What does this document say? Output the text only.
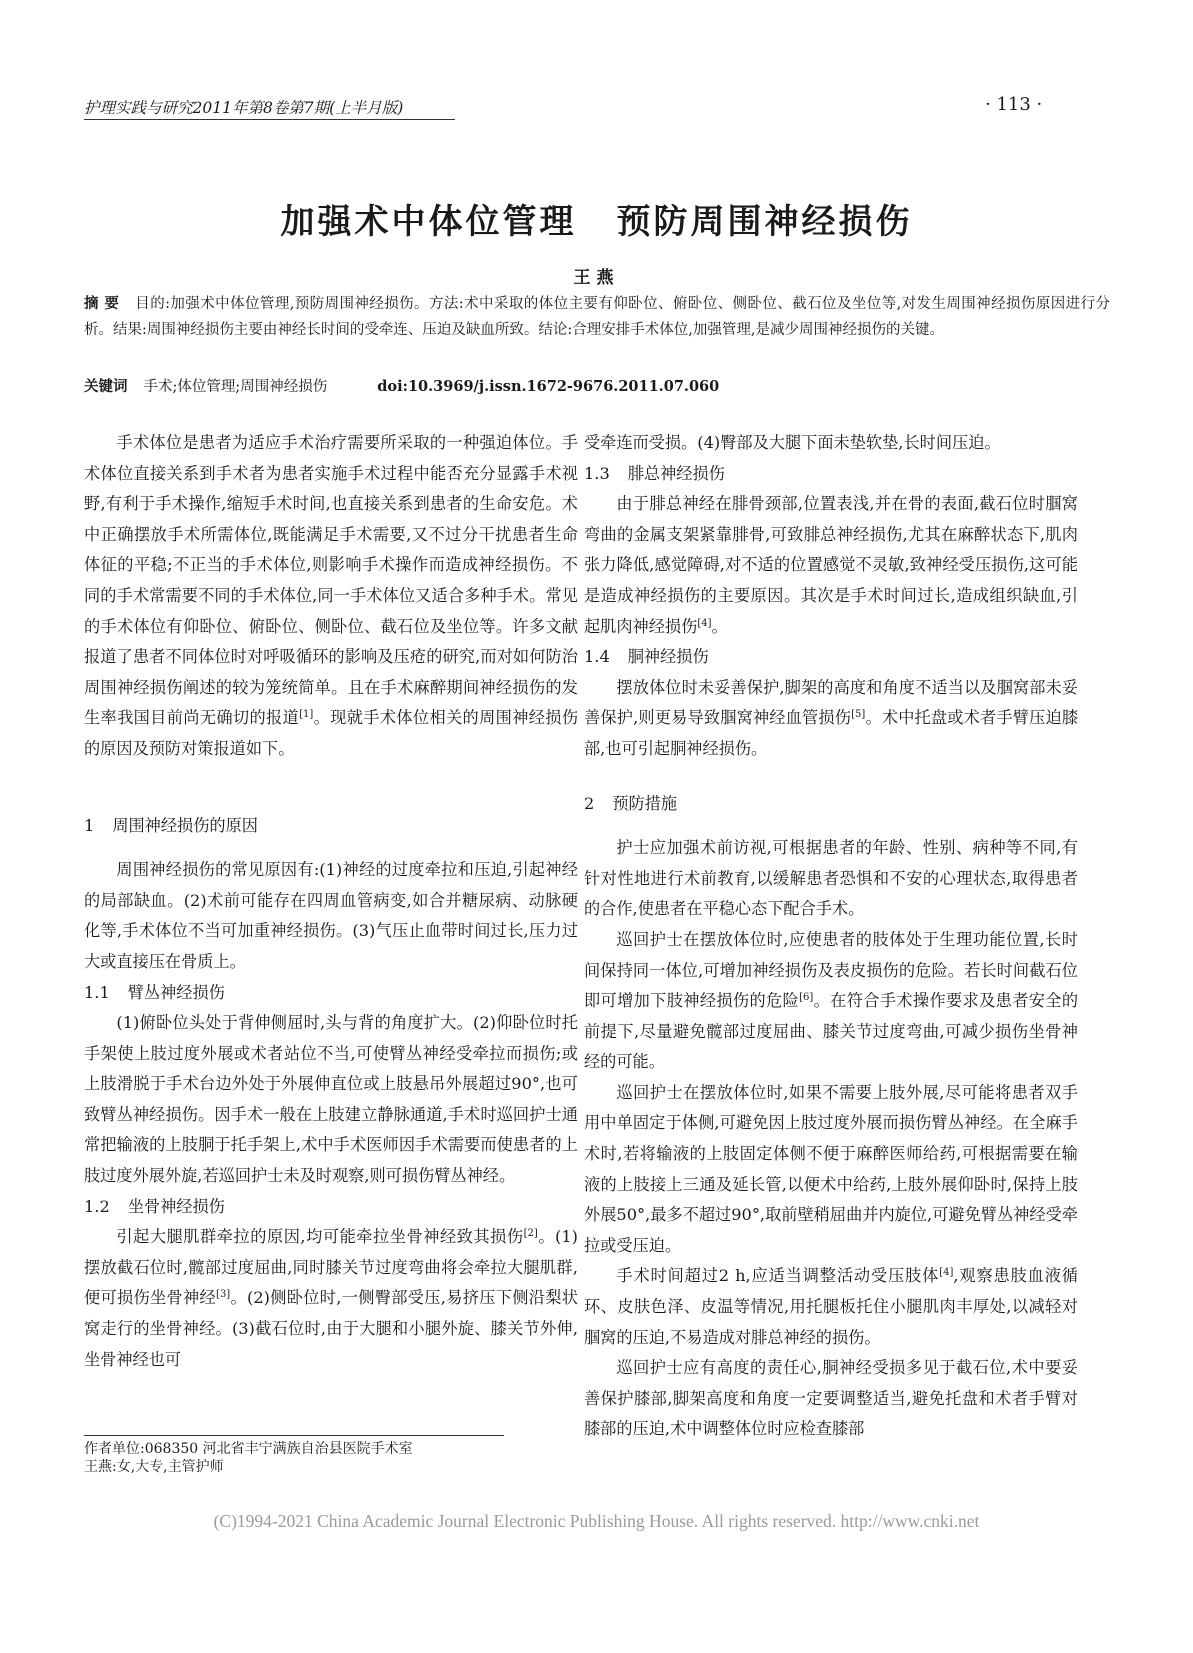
护理实践与研究2011年第8卷第7期(上半月版)	· 113 ·
加强术中体位管理 预防周围神经损伤
王燕
摘 要 目的:加强术中体位管理,预防周围神经损伤。方法:术中采取的体位主要有仰卧位、俯卧位、侧卧位、截石位及坐位等,对发生周围神经损伤原因进行分析。结果:周围神经损伤主要由神经长时间的受牵连、压迫及缺血所致。结论:合理安排手术体位,加强管理,是减少周围神经损伤的关键。
关键词 手术;体位管理;周围神经损伤	doi:10.3969/j.issn.1672-9676.2011.07.060

手术体位是患者为适应手术治疗需要所采取的一种强迫体位。手术体位直接关系到手术者为患者实施手术过程中能否充分显露手术视野,有利于手术操作,缩短手术时间,也直接关系到患者的生命安危。术中正确摆放手术所需体位,既能满足手术需要,又不过分干扰患者生命体征的平稳;不正当的手术体位,则影响手术操作而造成神经损伤。不同的手术常需要不同的手术体位,同一手术体位又适合多种手术。常见的手术体位有仰卧位、俯卧位、侧卧位、截石位及坐位等。许多文献报道了患者不同体位时对呼吸循环的影响及压疮的研究,而对如何防治周围神经损伤阐述的较为笼统简单。且在手术麻醉期间神经损伤的发生率我国目前尚无确切的报道[1]。现就手术体位相关的周围神经损伤的原因及预防对策报道如下。

1 周围神经损伤的原因

周围神经损伤的常见原因有:(1)神经的过度牵拉和压迫,引起神经的局部缺血。(2)术前可能存在四周血管病变,如合并糖尿病、动脉硬化等,手术体位不当可加重神经损伤。(3)气压止血带时间过长,压力过大或直接压在骨质上。

1.1 臂丛神经损伤

(1)俯卧位头处于背伸侧屈时,头与背的角度扩大。(2)仰卧位时托手架使上肢过度外展或术者站位不当,可使臂丛神经受牵拉而损伤;或上肢滑脱于手术台边外处于外展伸直位或上肢悬吊外展超过90°,也可致臂丛神经损伤。因手术一般在上肢建立静脉通道,手术时巡回护士通常把输液的上肢胴于托手架上,术中手术医师因手术需要而使患者的上肢过度外展外旋,若巡回护士未及时观察,则可损伤臂丛神经。

1.2 坐骨神经损伤

引起大腿肌群牵拉的原因,均可能牵拉坐骨神经致其损伤[2]。(1)摆放截石位时,髋部过度屈曲,同时膝关节过度弯曲将会牵拉大腿肌群,便可损伤坐骨神经[3]。(2)侧卧位时,一侧臀部受压,易挤压下侧沿梨状窝走行的坐骨神经。(3)截石位时,由于大腿和小腿外旋、膝关节外伸,坐骨神经也可

受牵连而受损。(4)臀部及大腿下面未垫软垫,长时间压迫。

1.3 腓总神经损伤

由于腓总神经在腓骨颈部,位置表浅,并在骨的表面,截石位时腘窝弯曲的金属支架紧靠腓骨,可致腓总神经损伤,尤其在麻醉状态下,肌肉张力降低,感觉障碍,对不适的位置感觉不灵敏,致神经受压损伤,这可能是造成神经损伤的主要原因。其次是手术时间过长,造成组织缺血,引起肌肉神经损伤[4]。

1.4 胴神经损伤

摆放体位时未妥善保护,脚架的高度和角度不适当以及腘窝部未妥善保护,则更易导致腘窝神经血管损伤[5]。术中托盘或术者手臂压迫膝部,也可引起胴神经损伤。

2 预防措施

护士应加强术前访视,可根据患者的年龄、性别、病种等不同,有针对性地进行术前教育,以缓解患者恐惧和不安的心理状态,取得患者的合作,使患者在平稳心态下配合手术。

巡回护士在摆放体位时,应使患者的肢体处于生理功能位置,长时间保持同一体位,可增加神经损伤及表皮损伤的危险。若长时间截石位即可增加下肢神经损伤的危险[6]。在符合手术操作要求及患者安全的前提下,尽量避免髋部过度屈曲、膝关节过度弯曲,可减少损伤坐骨神经的可能。

巡回护士在摆放体位时,如果不需要上肢外展,尽可能将患者双手用中单固定于体侧,可避免因上肢过度外展而损伤臂丛神经。在全麻手术时,若将输液的上肢固定体侧不便于麻醉医师给药,可根据需要在输液的上肢接上三通及延长管,以便术中给药,上肢外展仰卧时,保持上肢外展50°,最多不超过90°,取前壁稍屈曲并内旋位,可避免臂丛神经受牵拉或受压迫。

手术时间超过2 h,应适当调整活动受压肢体[4],观察患肢血液循环、皮肤色泽、皮温等情况,用托腿板托住小腿肌肉丰厚处,以减轻对腘窝的压迫,不易造成对腓总神经的损伤。

巡回护士应有高度的责任心,胴神经受损多见于截石位,术中要妥善保护膝部,脚架高度和角度一定要调整适当,避免托盘和术者手臂对膝部的压迫,术中调整体位时应检查膝部

作者单位:068350 河北省丰宁满族自治县医院手术室
王燕:女,大专,主管护师
(C)1994-2021 China Academic Journal Electronic Publishing House. All rights reserved. http://www.cnki.net
